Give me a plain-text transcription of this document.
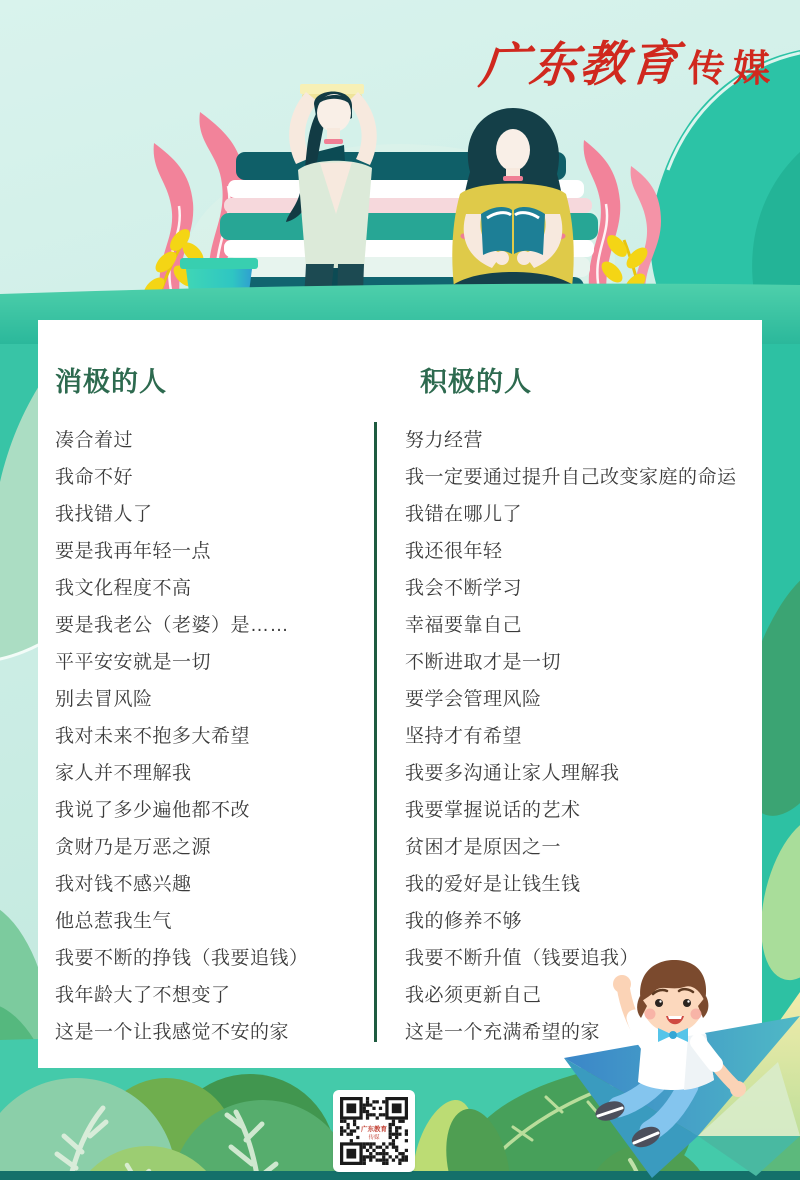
广东教育 传媒
消极的人	积极的人
凑合着过
我命不好
我找错人了
要是我再年轻一点
我文化程度不高
要是我老公（老婆）是……
平平安安就是一切
别去冒风险
我对未来不抱多大希望
家人并不理解我
我说了多少遍他都不改
贪财乃是万恶之源
我对钱不感兴趣
他总惹我生气
我要不断的挣钱（我要追钱）
我年龄大了不想变了
这是一个让我感觉不安的家
努力经营
我一定要通过提升自己改变家庭的命运
我错在哪儿了
我还很年轻
我会不断学习
幸福要靠自己
不断进取才是一切
要学会管理风险
坚持才有希望
我要多沟通让家人理解我
我要掌握说话的艺术
贫困才是原因之一
我的爱好是让钱生钱
我的修养不够
我要不断升值（钱要追我）
我必须更新自己
这是一个充满希望的家
广东教育
传媒
